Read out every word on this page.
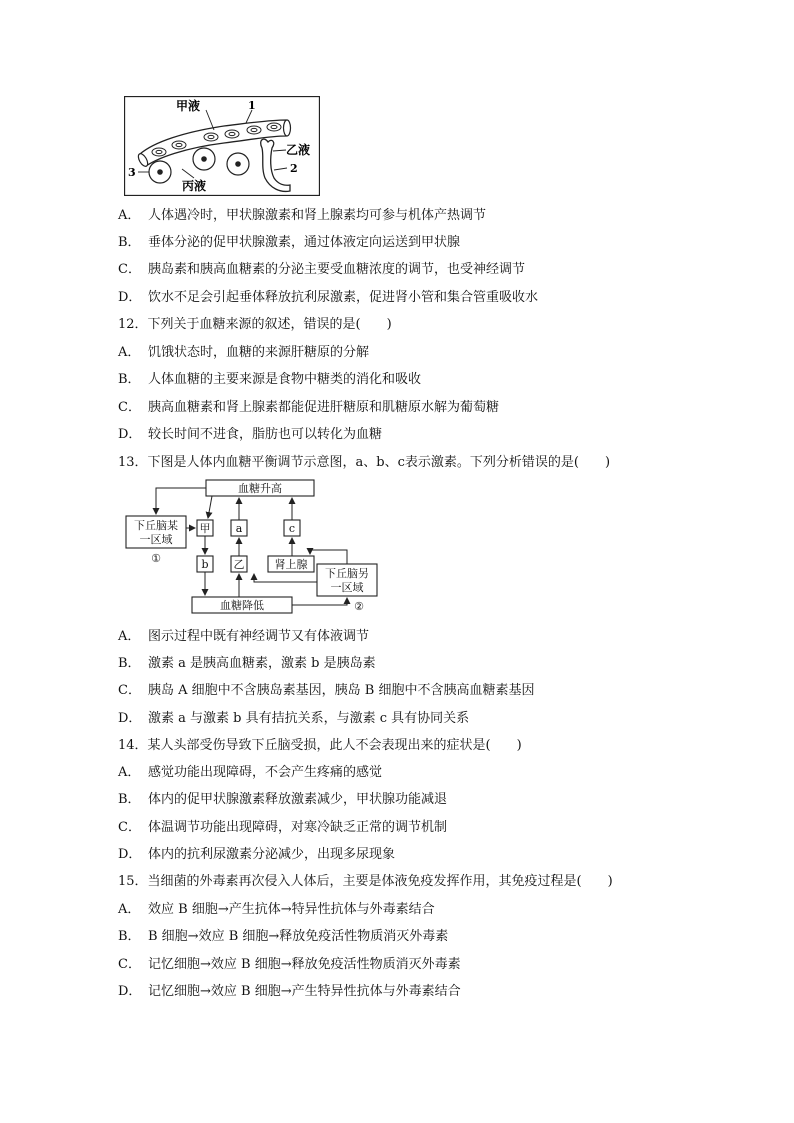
甲液	1
乙液
2
3
丙液
A． 人体遇冷时，甲状腺激素和肾上腺素均可参与机体产热调节
B． 垂体分泌的促甲状腺激素，通过体液定向运送到甲状腺
C． 胰岛素和胰高血糖素的分泌主要受血糖浓度的调节，也受神经调节
D． 饮水不足会引起垂体释放抗利尿激素，促进肾小管和集合管重吸收水
12．下列关于血糖来源的叙述，错误的是(　　)
A． 饥饿状态时，血糖的来源肝糖原的分解
B． 人体血糖的主要来源是食物中糖类的消化和吸收
C． 胰高血糖素和肾上腺素都能促进肝糖原和肌糖原水解为葡萄糖
D． 较长时间不进食，脂肪也可以转化为血糖
13．下图是人体内血糖平衡调节示意图，a、b、c表示激素。下列分析错误的是(　　)
血糖升高
血糖降低
下丘脑某
一区域
①
下丘脑另
一区域
②
甲
b
a
乙
c
肾上腺
A． 图示过程中既有神经调节又有体液调节
B． 激素 a 是胰高血糖素，激素 b 是胰岛素
C． 胰岛 A 细胞中不含胰岛素基因，胰岛 B 细胞中不含胰高血糖素基因
D． 激素 a 与激素 b 具有拮抗关系，与激素 c 具有协同关系
14．某人头部受伤导致下丘脑受损，此人不会表现出来的症状是(　　)
A． 感觉功能出现障碍，不会产生疼痛的感觉
B． 体内的促甲状腺激素释放激素减少，甲状腺功能减退
C． 体温调节功能出现障碍，对寒冷缺乏正常的调节机制
D． 体内的抗利尿激素分泌减少，出现多尿现象
15．当细菌的外毒素再次侵入人体后，主要是体液免疫发挥作用，其免疫过程是(　　)
A． 效应 B 细胞→产生抗体→特异性抗体与外毒素结合
B． B 细胞→效应 B 细胞→释放免疫活性物质消灭外毒素
C． 记忆细胞→效应 B 细胞→释放免疫活性物质消灭外毒素
D． 记忆细胞→效应 B 细胞→产生特异性抗体与外毒素结合
